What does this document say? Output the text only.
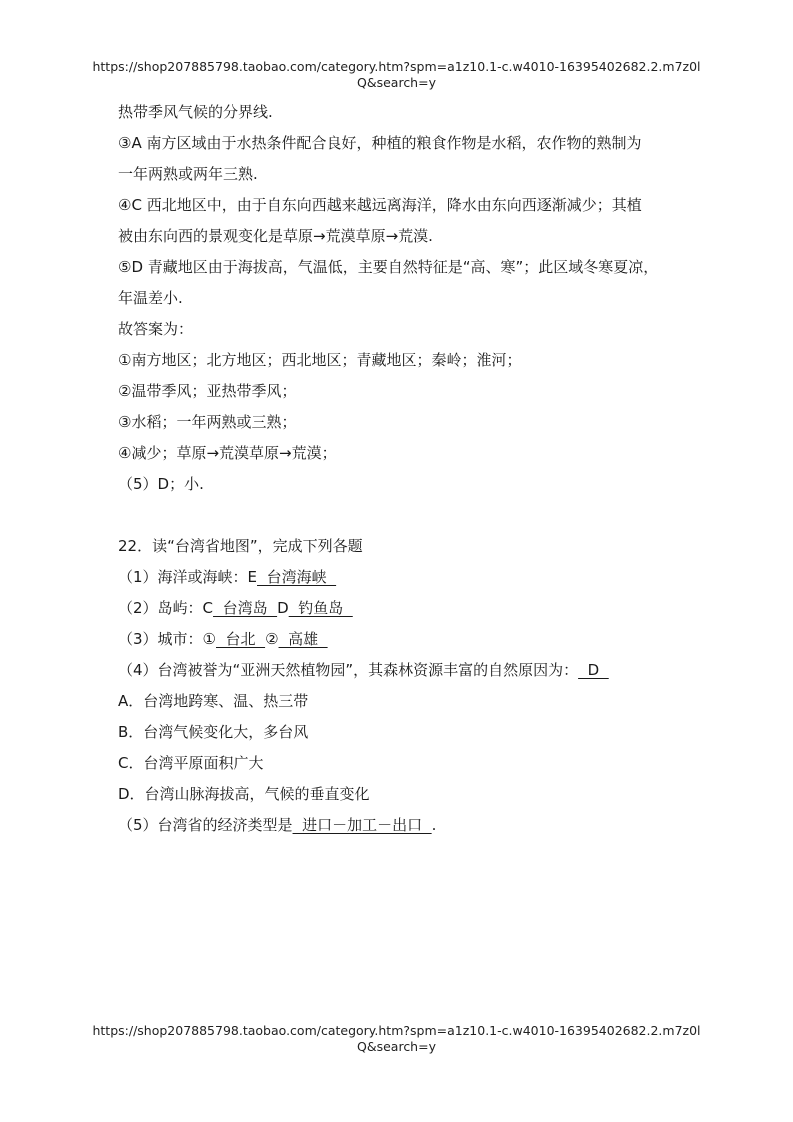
https://shop207885798.taobao.com/category.htm?spm=a1z10.1-c.w4010-16395402682.2.m7z0l
Q&search=y
热带季风气候的分界线.
③A 南方区域由于水热条件配合良好，种植的粮食作物是水稻，农作物的熟制为
一年两熟或两年三熟.
④C 西北地区中，由于自东向西越来越远离海洋，降水由东向西逐渐减少；其植
被由东向西的景观变化是草原→荒漠草原→荒漠.
⑤D 青藏地区由于海拔高，气温低，主要自然特征是“高、寒”；此区域冬寒夏凉，
年温差小.
故答案为：
①南方地区；北方地区；西北地区；青藏地区；秦岭；淮河；
②温带季风；亚热带季风；
③水稻；一年两熟或三熟；
④减少；草原→荒漠草原→荒漠；
（5）D；小.
22．读“台湾省地图”，完成下列各题
（1）海洋或海峡：E  台湾海峡
（2）岛屿：C  台湾岛  D  钓鱼岛
（3）城市：①  台北  ②  高雄
（4）台湾被誉为“亚洲天然植物园”，其森林资源丰富的自然原因为：  D
A．台湾地跨寒、温、热三带
B．台湾气候变化大，多台风
C．台湾平原面积广大
D．台湾山脉海拔高，气候的垂直变化
（5）台湾省的经济类型是  进口－加工－出口  .
https://shop207885798.taobao.com/category.htm?spm=a1z10.1-c.w4010-16395402682.2.m7z0l
Q&search=y
